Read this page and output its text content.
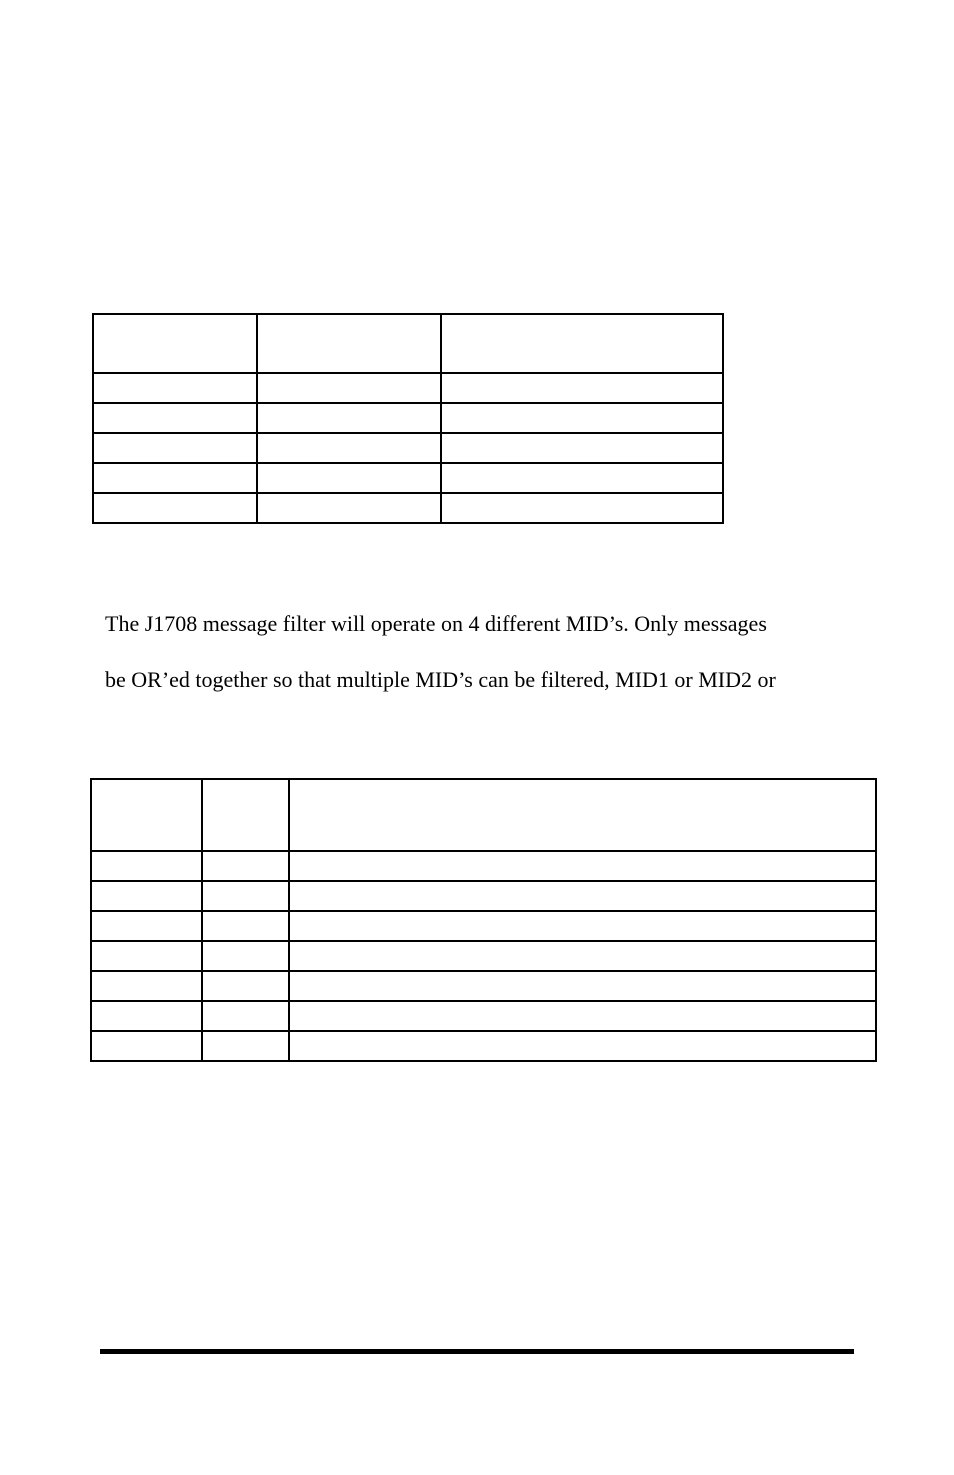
The J1708 message filter will operate on 4 different MID’s. Only messages
be OR’ed together so that multiple MID’s can be filtered, MID1 or MID2 or
